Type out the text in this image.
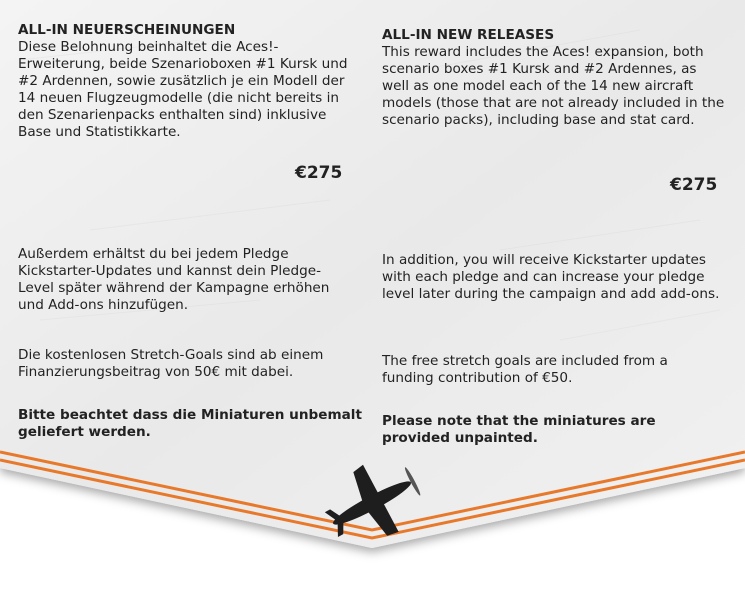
ALL-IN NEUERSCHEINUNGEN

Diese Belohnung beinhaltet die Aces!-Erweiterung, beide Szenarioboxen #1 Kursk und #2 Ardennen, sowie zusätzlich je ein Modell der 14 neuen Flugzeugmodelle (die nicht bereits in den Szenarienpacks enthalten sind) inklusive Base und Statistikkarte.

€275

Außerdem erhältst du bei jedem Pledge Kickstarter-Updates und kannst dein Pledge-Level später während der Kampagne erhöhen und Add-ons hinzufügen.

Die kostenlosen Stretch-Goals sind ab einem Finanzierungsbeitrag von 50€ mit dabei.

Bitte beachtet dass die Miniaturen unbemalt geliefert werden.

ALL-IN NEW RELEASES

This reward includes the Aces! expansion, both scenario boxes #1 Kursk and #2 Ardennes, as well as one model each of the 14 new aircraft models (those that are not already included in the scenario packs), including base and stat card.

€275

In addition, you will receive Kickstarter updates with each pledge and can increase your pledge level later during the campaign and add add-ons.

The free stretch goals are included from a funding contribution of €50.

Please note that the miniatures are provided unpainted.
